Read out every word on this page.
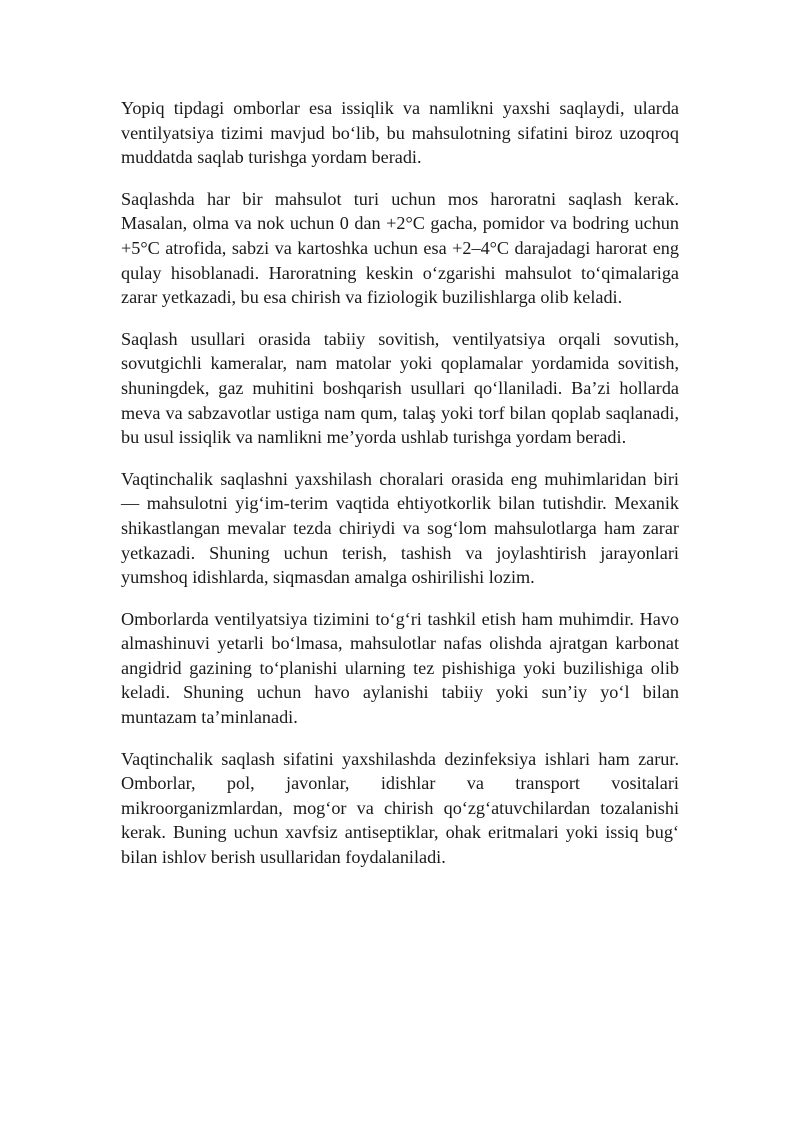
Yopiq tipdagi omborlar esa issiqlik va namlikni yaxshi saqlaydi, ularda ventilyatsiya tizimi mavjud bo‘lib, bu mahsulotning sifatini biroz uzoqroq muddatda saqlab turishga yordam beradi.

Saqlashda har bir mahsulot turi uchun mos haroratni saqlash kerak. Masalan, olma va nok uchun 0 dan +2°C gacha, pomidor va bodring uchun +5°C atrofida, sabzi va kartoshka uchun esa +2–4°C darajadagi harorat eng qulay hisoblanadi. Haroratning keskin o‘zgarishi mahsulot to‘qimalariga zarar yetkazadi, bu esa chirish va fiziologik buzilishlarga olib keladi.

Saqlash usullari orasida tabiiy sovitish, ventilyatsiya orqali sovutish, sovutgichli kameralar, nam matolar yoki qoplamalar yordamida sovitish, shuningdek, gaz muhitini boshqarish usullari qo‘llaniladi. Ba’zi hollarda meva va sabzavotlar ustiga nam qum, talaş yoki torf bilan qoplab saqlanadi, bu usul issiqlik va namlikni me’yorda ushlab turishga yordam beradi.

Vaqtinchalik saqlashni yaxshilash choralari orasida eng muhimlaridan biri — mahsulotni yig‘im-terim vaqtida ehtiyotkorlik bilan tutishdir. Mexanik shikastlangan mevalar tezda chiriydi va sog‘lom mahsulotlarga ham zarar yetkazadi. Shuning uchun terish, tashish va joylashtirish jarayonlari yumshoq idishlarda, siqmasdan amalga oshirilishi lozim.

Omborlarda ventilyatsiya tizimini to‘g‘ri tashkil etish ham muhimdir. Havo almashinuvi yetarli bo‘lmasa, mahsulotlar nafas olishda ajratgan karbonat angidrid gazining to‘planishi ularning tez pishishiga yoki buzilishiga olib keladi. Shuning uchun havo aylanishi tabiiy yoki sun’iy yo‘l bilan muntazam ta’minlanadi.

Vaqtinchalik saqlash sifatini yaxshilashda dezinfeksiya ishlari ham zarur. Omborlar, pol, javonlar, idishlar va transport vositalari mikroorganizmlardan, mog‘or va chirish qo‘zg‘atuvchilardan tozalanishi kerak. Buning uchun xavfsiz antiseptiklar, ohak eritmalari yoki issiq bug‘ bilan ishlov berish usullaridan foydalaniladi.
